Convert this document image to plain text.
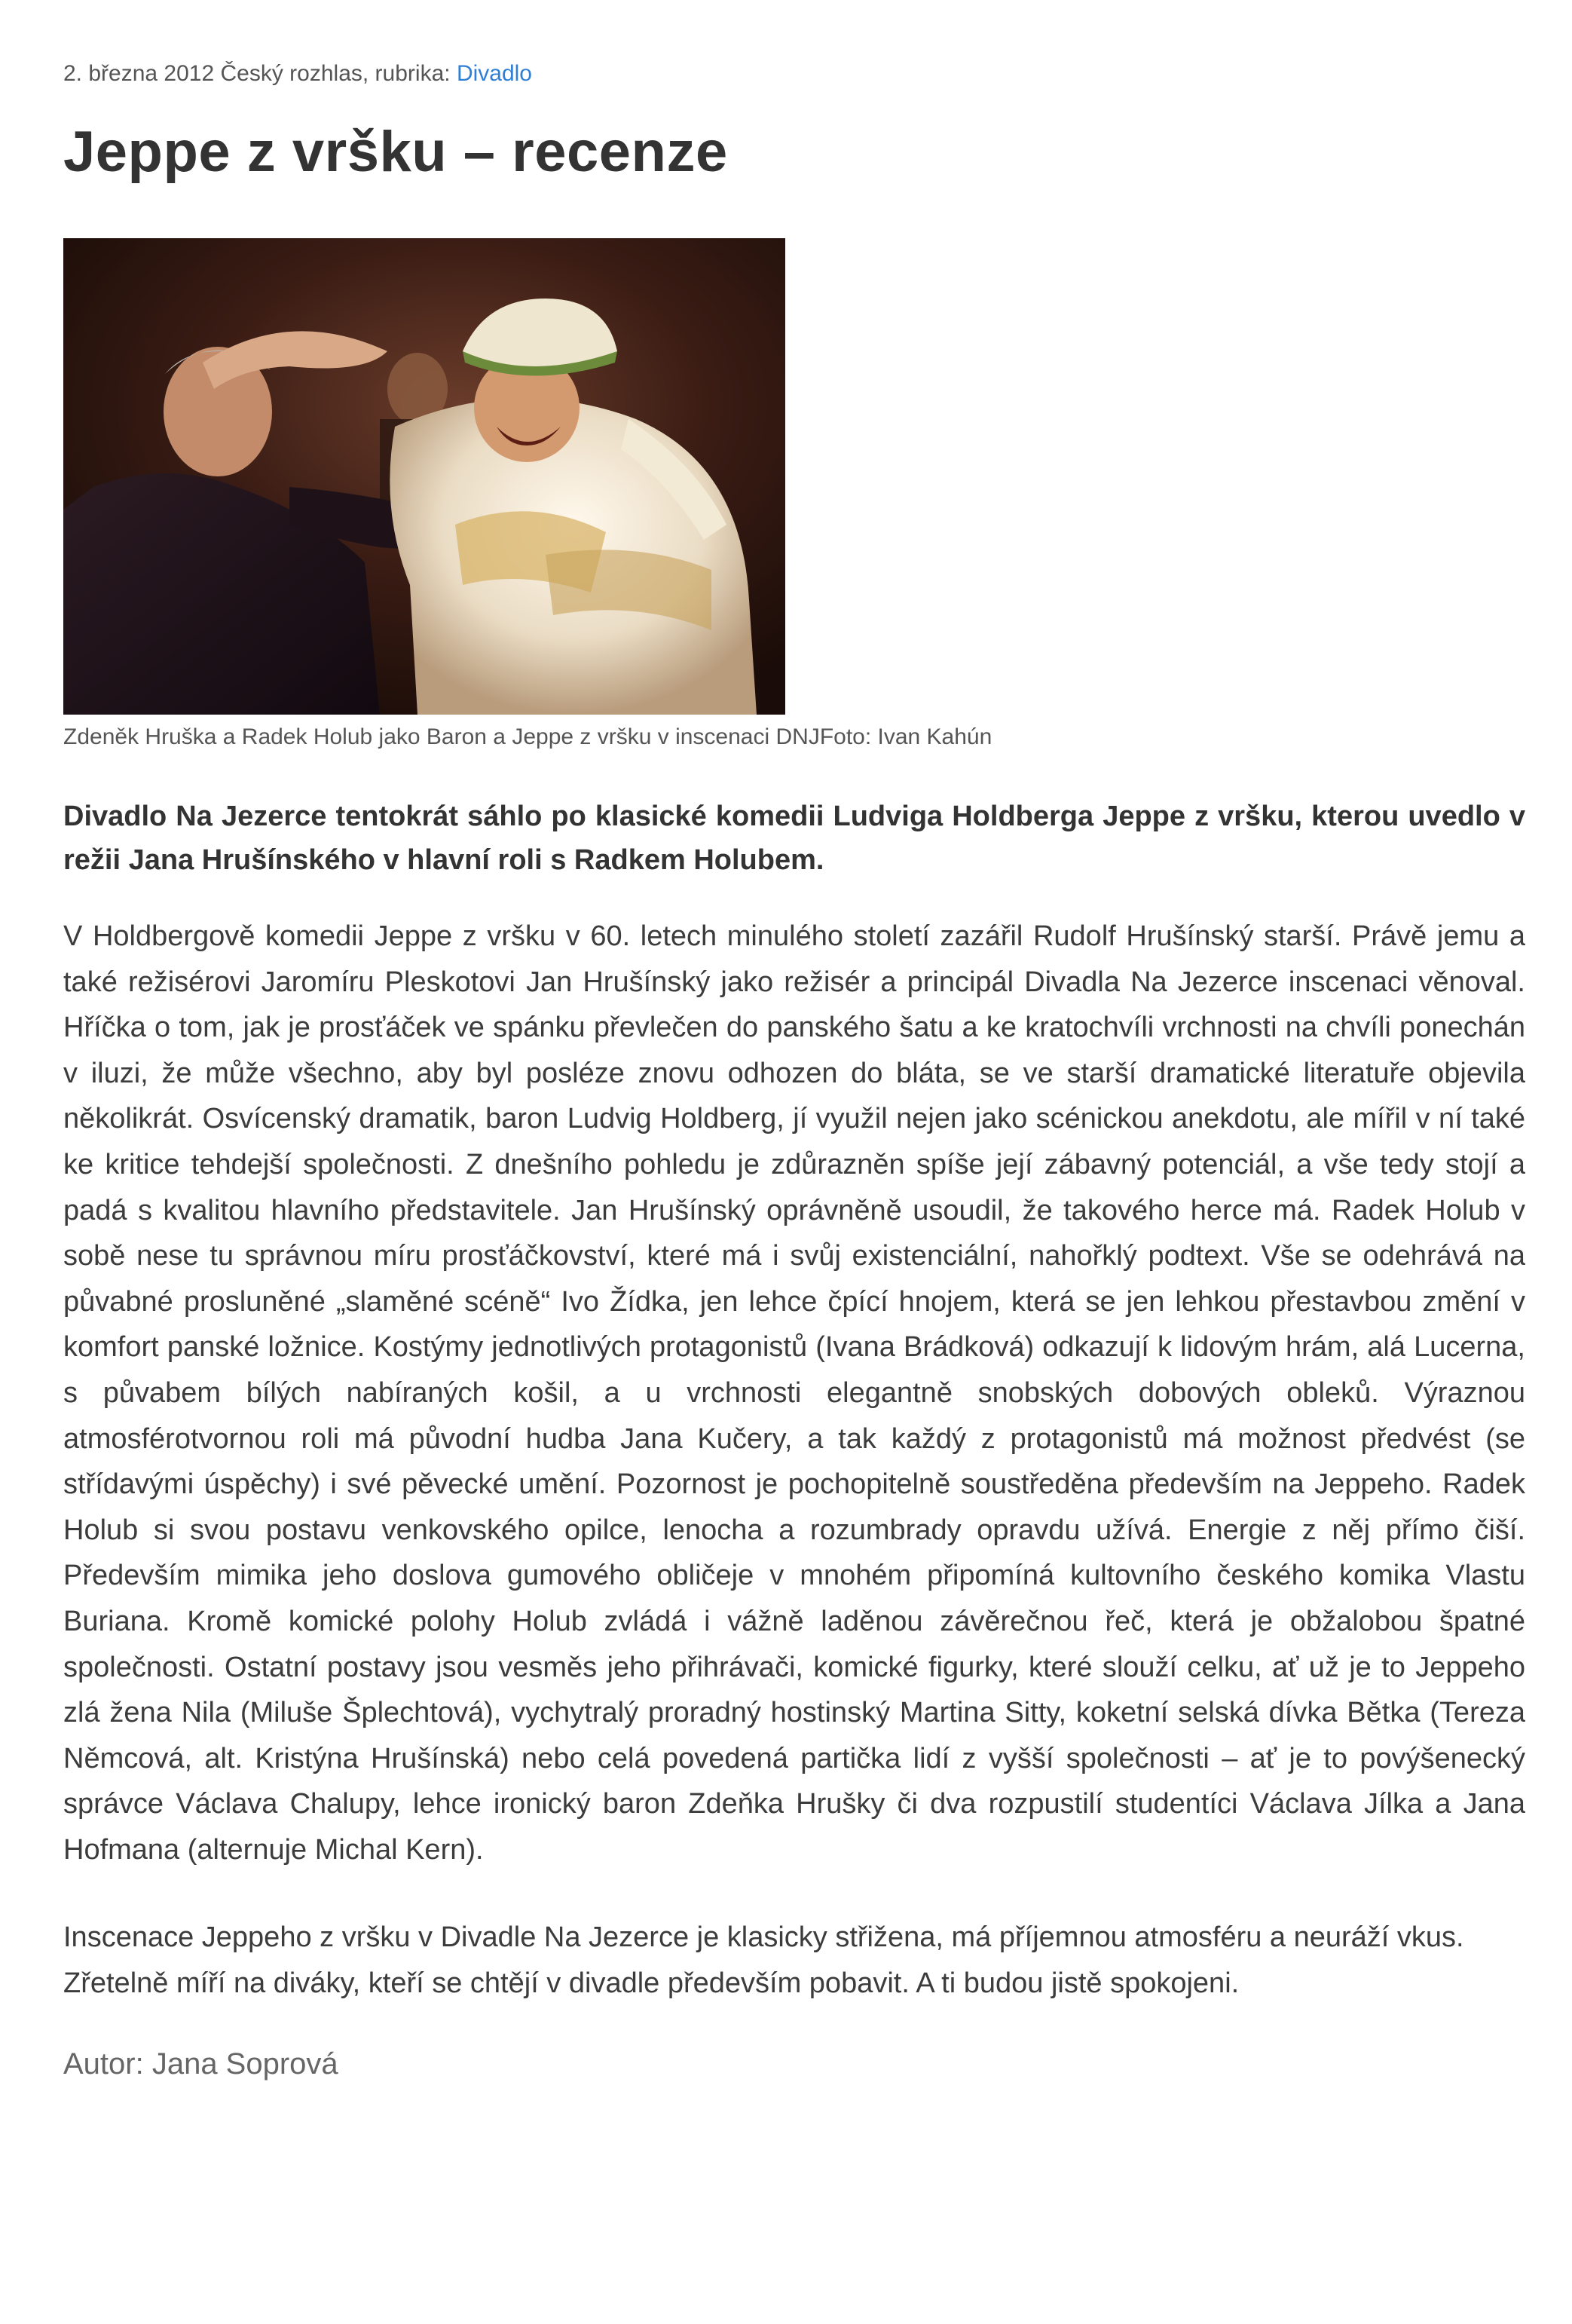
2. března 2012 Český rozhlas, rubrika: Divadlo

Jeppe z vršku – recenze
Zdeněk Hruška a Radek Holub jako Baron a Jeppe z vršku v inscenaci DNJFoto: Ivan Kahún

Divadlo Na Jezerce tentokrát sáhlo po klasické komedii Ludviga Holdberga Jeppe z vršku, kterou uvedlo v režii Jana Hrušínského v hlavní roli s Radkem Holubem.

V Holdbergově komedii Jeppe z vršku v 60. letech minulého století zazářil Rudolf Hrušínský starší. Právě jemu a také režisérovi Jaromíru Pleskotovi Jan Hrušínský jako režisér a principál Divadla Na Jezerce inscenaci věnoval. Hříčka o tom, jak je prosťáček ve spánku převlečen do panského šatu a ke kratochvíli vrchnosti na chvíli ponechán v iluzi, že může všechno, aby byl posléze znovu odhozen do bláta, se ve starší dramatické literatuře objevila několikrát. Osvícenský dramatik, baron Ludvig Holdberg, jí využil nejen jako scénickou anekdotu, ale mířil v ní také ke kritice tehdejší společnosti. Z dnešního pohledu je zdůrazněn spíše její zábavný potenciál, a vše tedy stojí a padá s kvalitou hlavního představitele. Jan Hrušínský oprávněně usoudil, že takového herce má. Radek Holub v sobě nese tu správnou míru prosťáčkovství, které má i svůj existenciální, nahořklý podtext. Vše se odehrává na půvabné prosluněné „slaměné scéně“ Ivo Žídka, jen lehce čpící hnojem, která se jen lehkou přestavbou změní v komfort panské ložnice. Kostýmy jednotlivých protagonistů (Ivana Brádková) odkazují k lidovým hrám, alá Lucerna, s půvabem bílých nabíraných košil, a u vrchnosti elegantně snobských dobových obleků. Výraznou atmosférotvornou roli má původní hudba Jana Kučery, a tak každý z protagonistů má možnost předvést (se střídavými úspěchy) i své pěvecké umění. Pozornost je pochopitelně soustředěna především na Jeppeho. Radek Holub si svou postavu venkovského opilce, lenocha a rozumbrady opravdu užívá. Energie z něj přímo čiší. Především mimika jeho doslova gumového obličeje v mnohém připomíná kultovního českého komika Vlastu Buriana. Kromě komické polohy Holub zvládá i vážně laděnou závěrečnou řeč, která je obžalobou špatné společnosti. Ostatní postavy jsou vesměs jeho přihrávači, komické figurky, které slouží celku, ať už je to Jeppeho zlá žena Nila (Miluše Šplechtová), vychytralý proradný hostinský Martina Sitty, koketní selská dívka Bětka (Tereza Němcová, alt. Kristýna Hrušínská) nebo celá povedená partička lidí z vyšší společnosti – ať je to povýšenecký správce Václava Chalupy, lehce ironický baron Zdeňka Hrušky či dva rozpustilí studentíci Václava Jílka a Jana Hofmana (alternuje Michal Kern).

Inscenace Jeppeho z vršku v Divadle Na Jezerce je klasicky střižena, má příjemnou atmosféru a neuráží vkus. Zřetelně míří na diváky, kteří se chtějí v divadle především pobavit. A ti budou jistě spokojeni.

Autor: Jana Soprová
